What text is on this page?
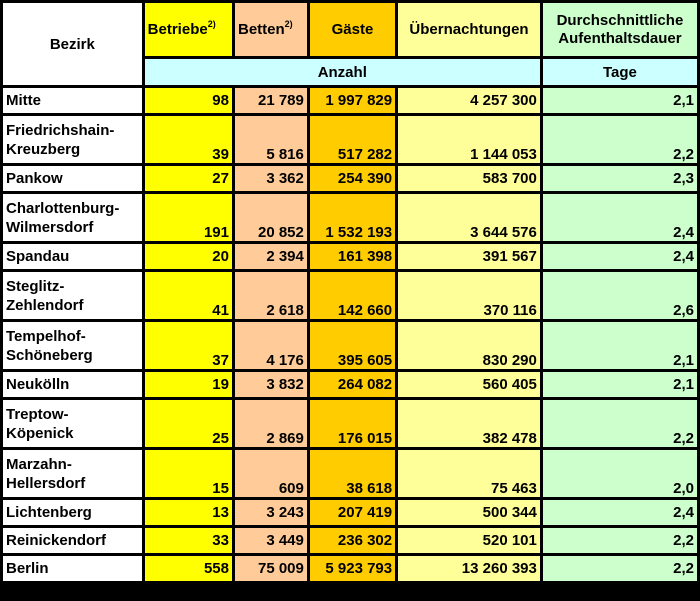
Bezirk	Betriebe$^{2)}$	Betten$^{2)}$	Gäste	Übernachtungen	Durchschnittliche
Aufenthaltsdauer

	Anzahl				Tage

Mitte	98	21 789	1 997 829	4 257 300	2,1

Friedrichshain-
Kreuzberg	39	5 816	517 282	1 144 053	2,2

Pankow	27	3 362	254 390	583 700	2,3

Charlottenburg-
Wilmersdorf	191	20 852	1 532 193	3 644 576	2,4

Spandau	20	2 394	161 398	391 567	2,4

Steglitz-
Zehlendorf	41	2 618	142 660	370 116	2,6

Tempelhof-
Schöneberg	37	4 176	395 605	830 290	2,1

Neukölln	19	3 832	264 082	560 405	2,1

Treptow-
Köpenick	25	2 869	176 015	382 478	2,2

Marzahn-
Hellersdorf	15	609	38 618	75 463	2,0

Lichtenberg	13	3 243	207 419	500 344	2,4

Reinickendorf	33	3 449	236 302	520 101	2,2

Berlin	558	75 009	5 923 793	13 260 393	2,2
